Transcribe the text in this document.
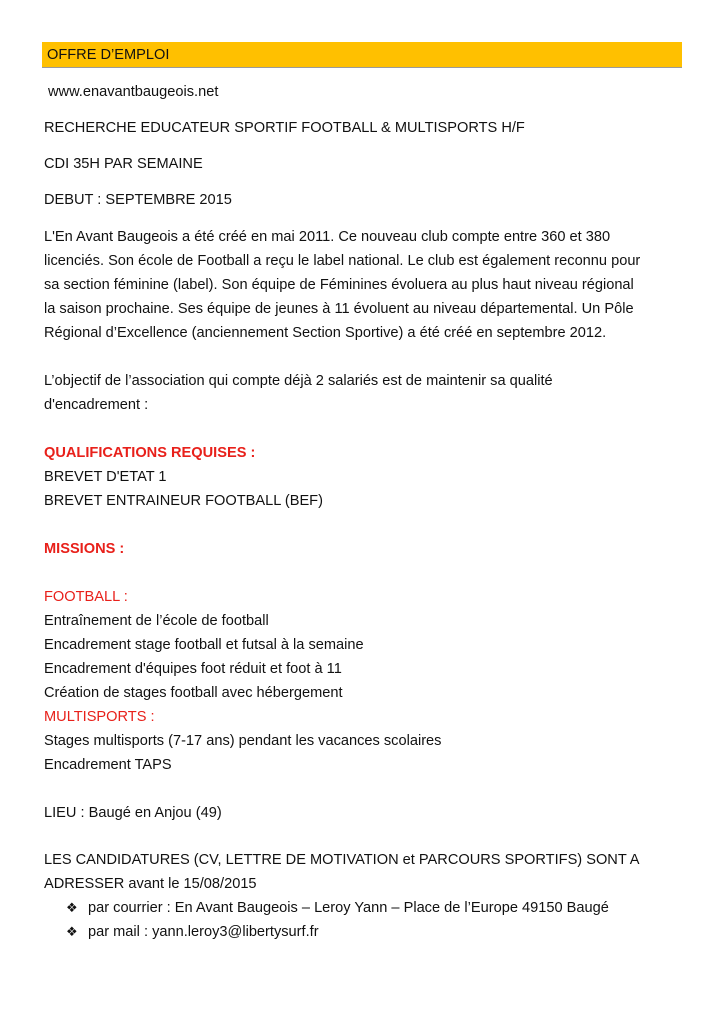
OFFRE D’EMPLOI
www.enavantbaugeois.net
RECHERCHE EDUCATEUR SPORTIF FOOTBALL & MULTISPORTS H/F
CDI 35H PAR SEMAINE
DEBUT : SEPTEMBRE 2015
L'En Avant Baugeois a été créé en mai 2011. Ce nouveau club compte entre 360 et 380
licenciés. Son école de Football a reçu le label national. Le club est également reconnu pour
sa section féminine (label). Son équipe de Féminines évoluera au plus haut niveau régional
la saison prochaine. Ses équipe de jeunes à 11 évoluent au niveau départemental. Un Pôle
Régional d’Excellence (anciennement Section Sportive) a été créé en septembre 2012.
L’objectif de l’association qui compte déjà 2 salariés est de maintenir sa qualité
d'encadrement :
QUALIFICATIONS REQUISES :
BREVET D'ETAT 1
BREVET ENTRAINEUR FOOTBALL (BEF)
MISSIONS :
FOOTBALL :
Entraînement de l’école de football
Encadrement stage football et futsal à la semaine
Encadrement d'équipes foot réduit et foot à 11
Création de stages football avec hébergement
MULTISPORTS :
Stages multisports (7-17 ans) pendant les vacances scolaires
Encadrement TAPS
LIEU : Baugé en Anjou (49)
LES CANDIDATURES (CV, LETTRE DE MOTIVATION et PARCOURS SPORTIFS) SONT A
ADRESSER avant le 15/08/2015
❖ par courrier : En Avant Baugeois – Leroy Yann – Place de l’Europe 49150 Baugé
❖ par mail : yann.leroy3@libertysurf.fr
